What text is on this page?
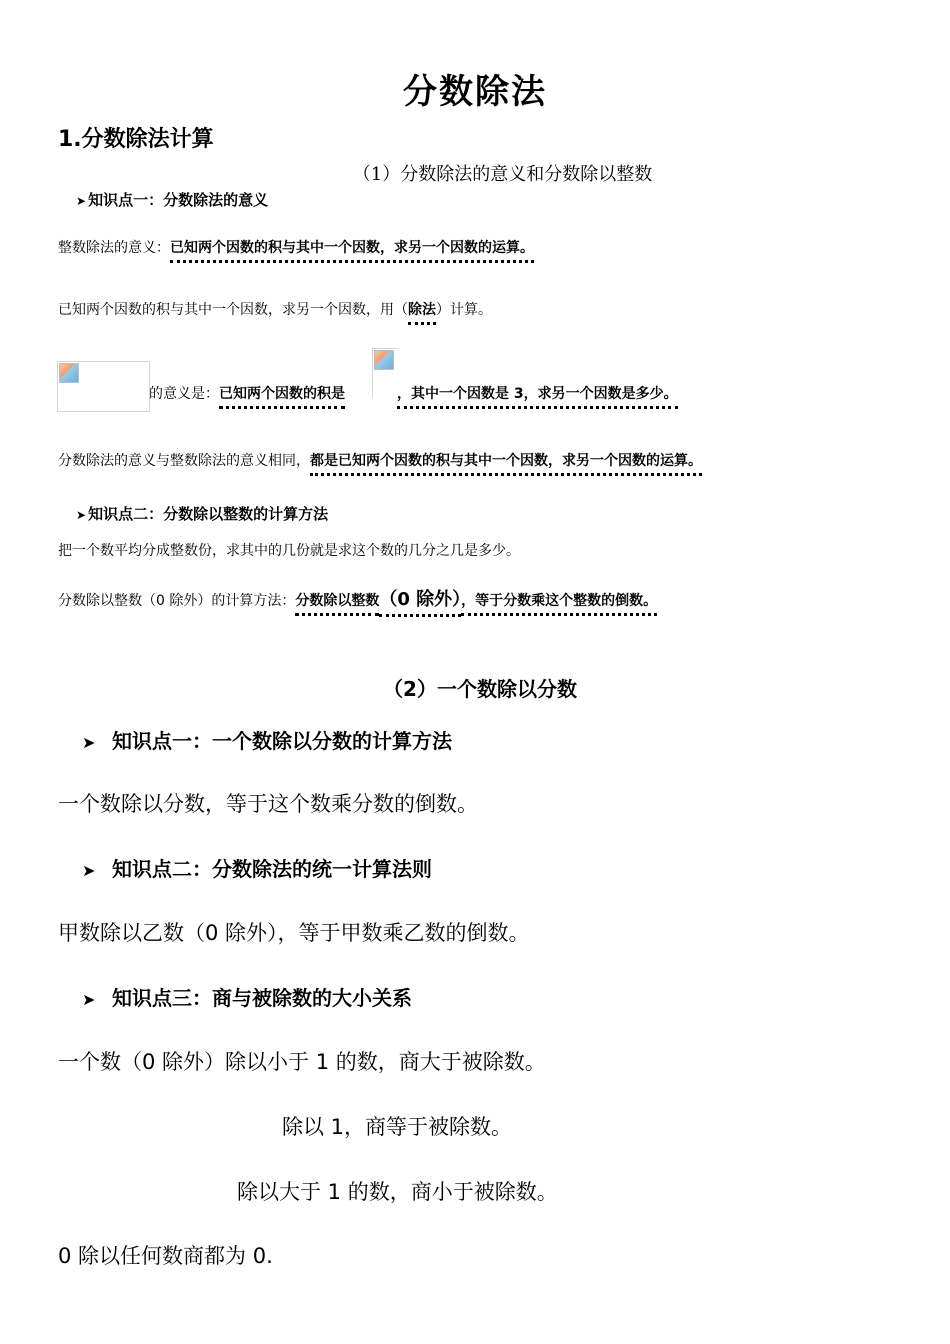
分数除法
1.分数除法计算
（1）分数除法的意义和分数除以整数
➤ 知识点一：分数除法的意义
整数除法的意义：已知两个因数的积与其中一个因数，求另一个因数的运算。
已知两个因数的积与其中一个因数，求另一个因数，用（除法）计算。
的意义是：已知两个因数的积是	，其中一个因数是 3，求另一个因数是多少。
分数除法的意义与整数除法的意义相同，都是已知两个因数的积与其中一个因数，求另一个因数的运算。
➤ 知识点二：分数除以整数的计算方法
把一个数平均分成整数份，求其中的几份就是求这个数的几分之几是多少。
分数除以整数（0 除外）的计算方法：分数除以整数（0 除外），等于分数乘这个整数的倒数。
（2）一个数除以分数
➤ 知识点一：一个数除以分数的计算方法
一个数除以分数，等于这个数乘分数的倒数。
➤ 知识点二：分数除法的统一计算法则
甲数除以乙数（0 除外），等于甲数乘乙数的倒数。
➤ 知识点三：商与被除数的大小关系
一个数（0 除外）除以小于 1 的数，商大于被除数。
除以 1，商等于被除数。
除以大于 1 的数，商小于被除数。
0 除以任何数商都为 0.
